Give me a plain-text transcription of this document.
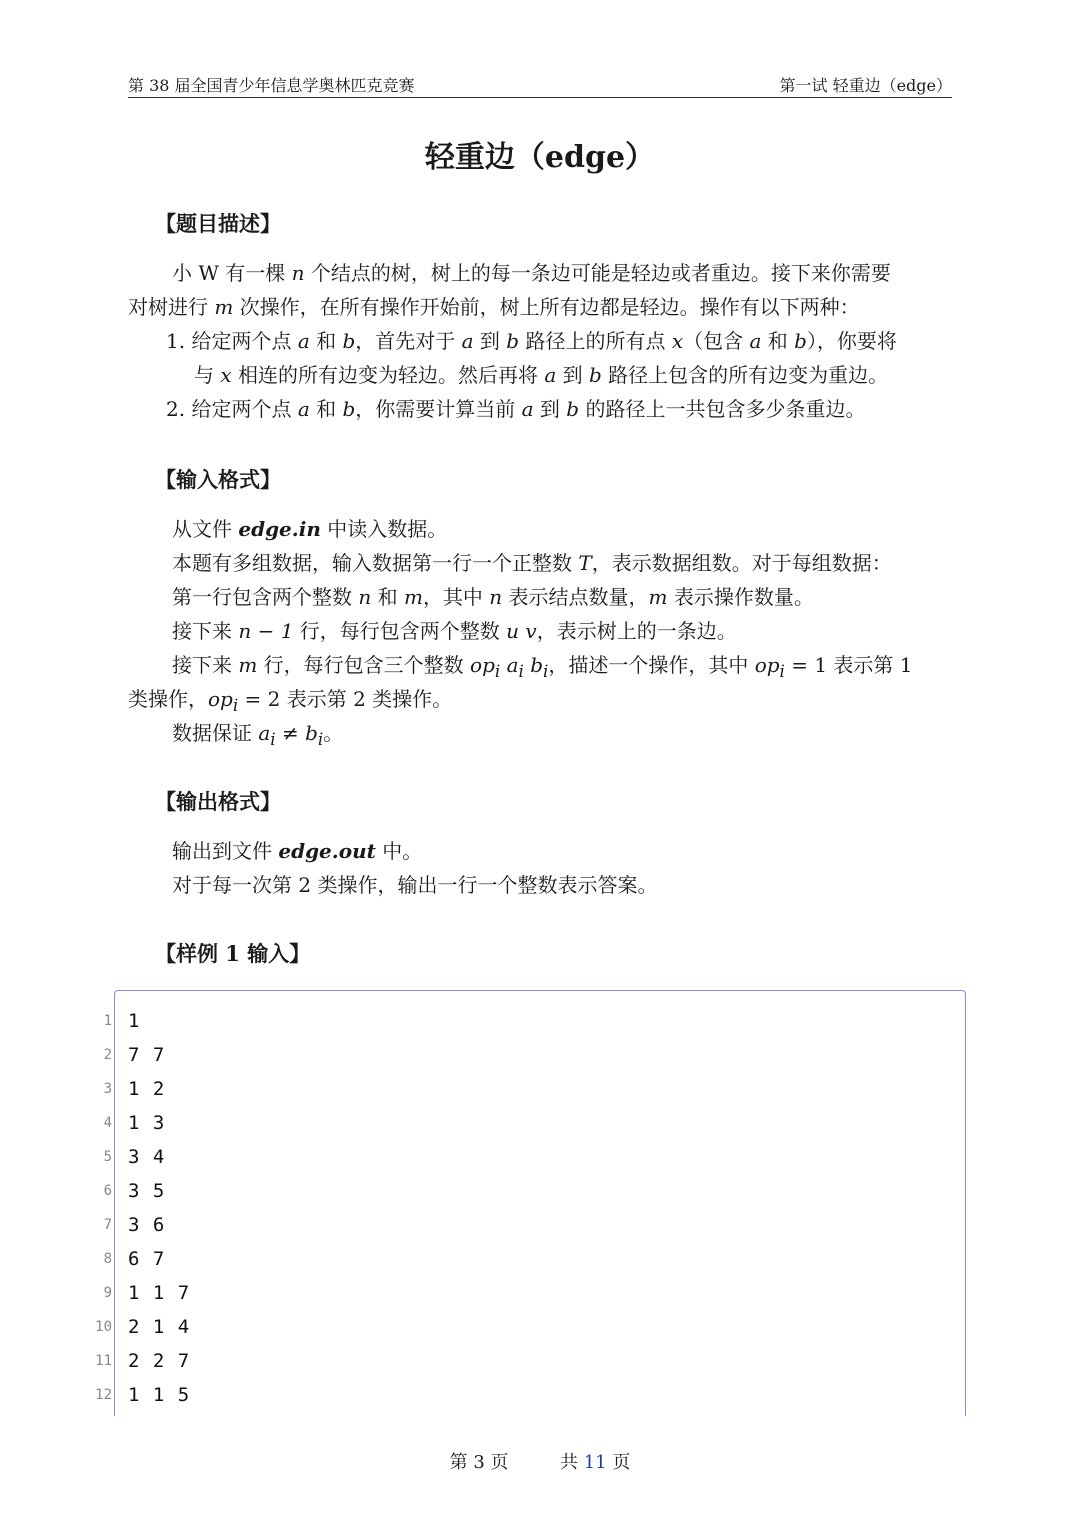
第 38 届全国青少年信息学奥林匹克竞赛	第一试 轻重边（edge）
轻重边（edge）
【题目描述】
小 W 有一棵 n 个结点的树，树上的每一条边可能是轻边或者重边。接下来你需要
对树进行 m 次操作，在所有操作开始前，树上所有边都是轻边。操作有以下两种：
1. 给定两个点 a 和 b，首先对于 a 到 b 路径上的所有点 x（包含 a 和 b），你要将
与 x 相连的所有边变为轻边。然后再将 a 到 b 路径上包含的所有边变为重边。
2. 给定两个点 a 和 b，你需要计算当前 a 到 b 的路径上一共包含多少条重边。
【输入格式】
从文件 edge.in 中读入数据。
本题有多组数据，输入数据第一行一个正整数 T，表示数据组数。对于每组数据：
第一行包含两个整数 n 和 m，其中 n 表示结点数量，m 表示操作数量。
接下来 n − 1 行，每行包含两个整数 u v，表示树上的一条边。
接下来 m 行，每行包含三个整数 $op_i$ $a_i$ $b_i$，描述一个操作，其中 $op_i = 1$ 表示第 1
类操作，$op_i = 2$ 表示第 2 类操作。
数据保证 $a_i \ne b_i$。
【输出格式】
输出到文件 edge.out 中。
对于每一次第 2 类操作，输出一行一个整数表示答案。
【样例 1 输入】
1 1
2 7 7
3 1 2
4 1 3
5 3 4
6 3 5
7 3 6
8 6 7
9 1 1 7
10 2 1 4
11 2 2 7
12 1 1 5
第 3 页	共 11 页
